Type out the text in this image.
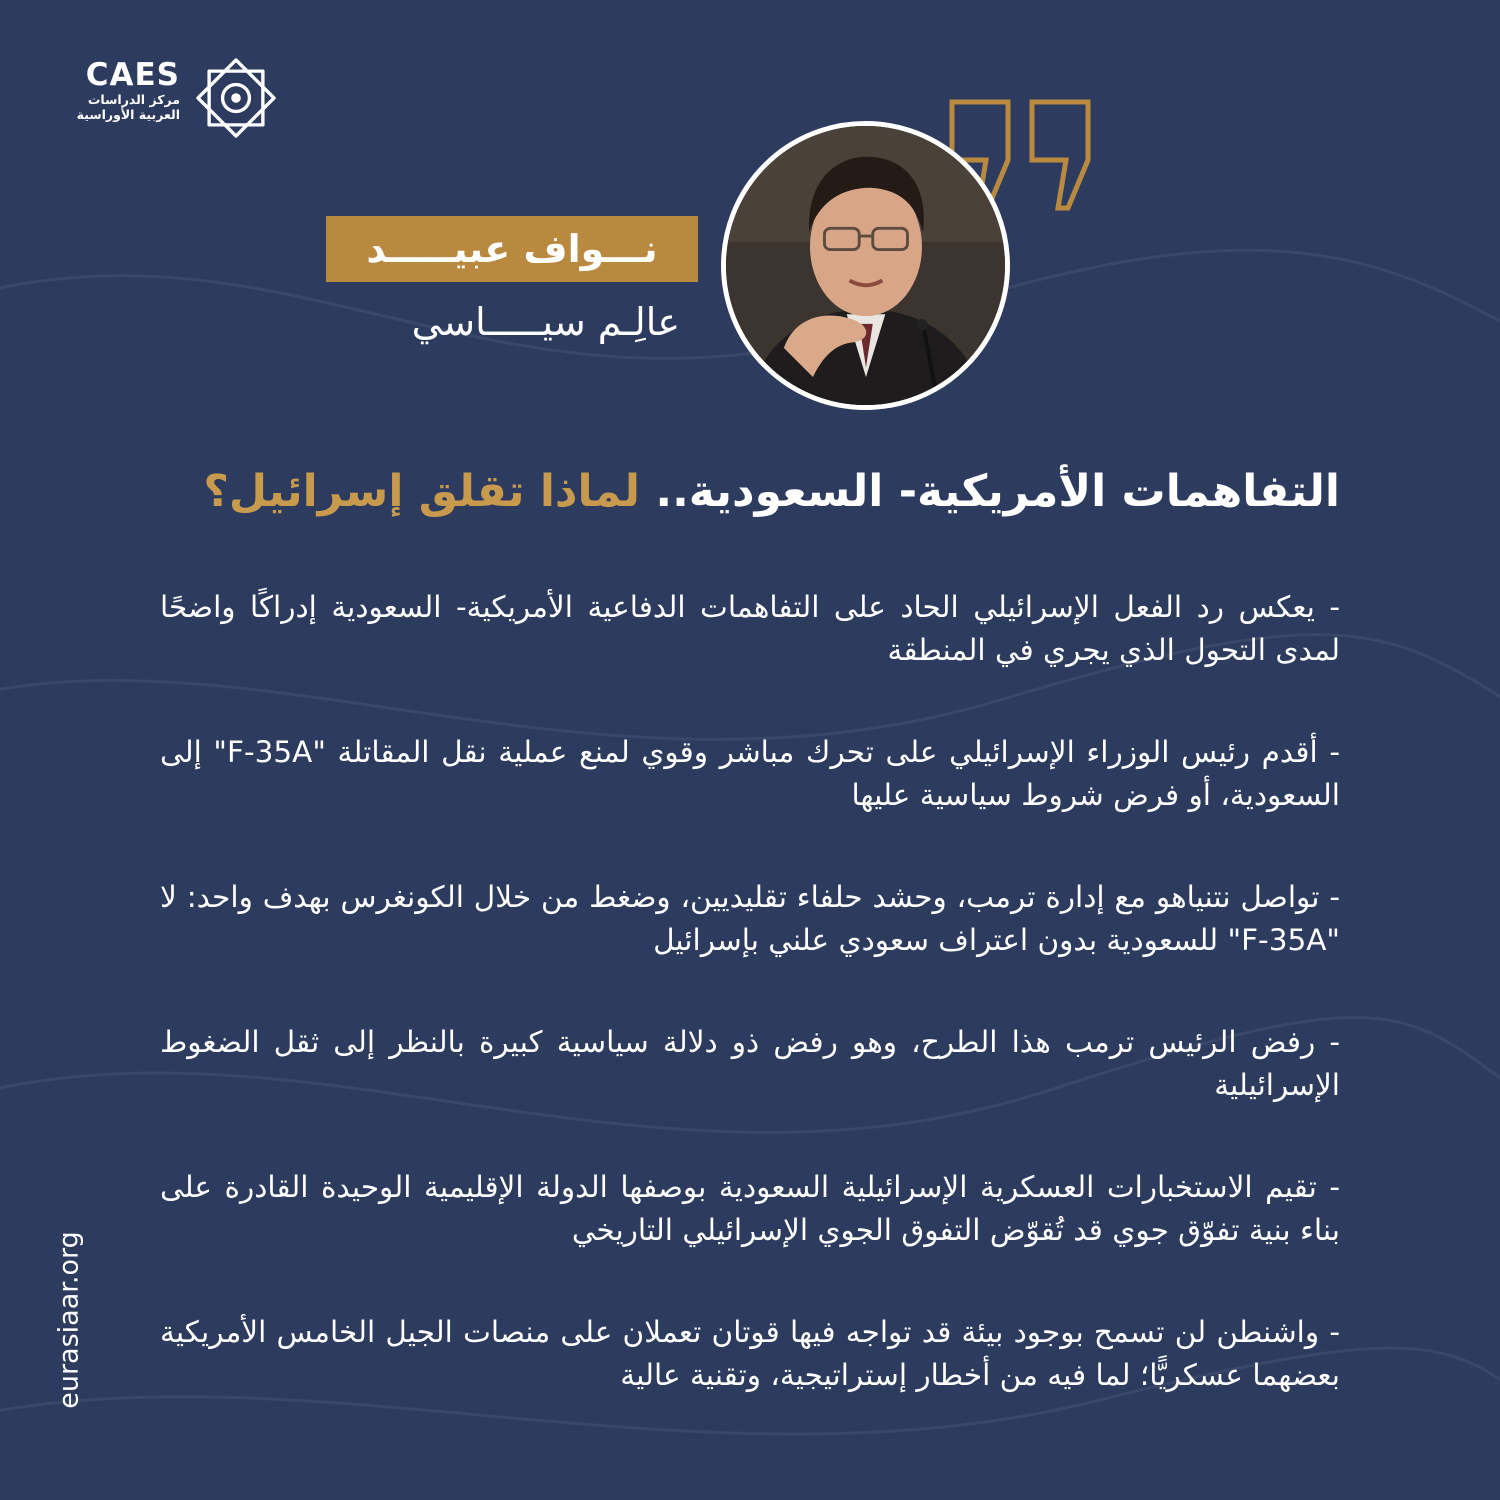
CAES
مركز الدراسات
العربية الأوراسية
نـــواف عبيـــــد
عالِـم سيـــــاسي
التفاهمات الأمريكية- السعودية.. لماذا تقلق إسرائيل؟

- يعكس رد الفعل الإسرائيلي الحاد على التفاهمات الدفاعية الأمريكية- السعودية إدراكًا واضحًا لمدى التحول الذي يجري في المنطقة

- أقدم رئيس الوزراء الإسرائيلي على تحرك مباشر وقوي لمنع عملية نقل المقاتلة "F-35A" إلى السعودية، أو فرض شروط سياسية عليها

- تواصل نتنياهو مع إدارة ترمب، وحشد حلفاء تقليديين، وضغط من خلال الكونغرس بهدف واحد: لا "F-35A" للسعودية بدون اعتراف سعودي علني بإسرائيل

- رفض الرئيس ترمب هذا الطرح، وهو رفض ذو دلالة سياسية كبيرة بالنظر إلى ثقل الضغوط الإسرائيلية

- تقيم الاستخبارات العسكرية الإسرائيلية السعودية بوصفها الدولة الإقليمية الوحيدة القادرة على بناء بنية تفوّق جوي قد تُقوّض التفوق الجوي الإسرائيلي التاريخي

- واشنطن لن تسمح بوجود بيئة قد تواجه فيها قوتان تعملان على منصات الجيل الخامس الأمريكية بعضهما عسكريًّا؛ لما فيه من أخطار إستراتيجية، وتقنية عالية

eurasiaar.org
